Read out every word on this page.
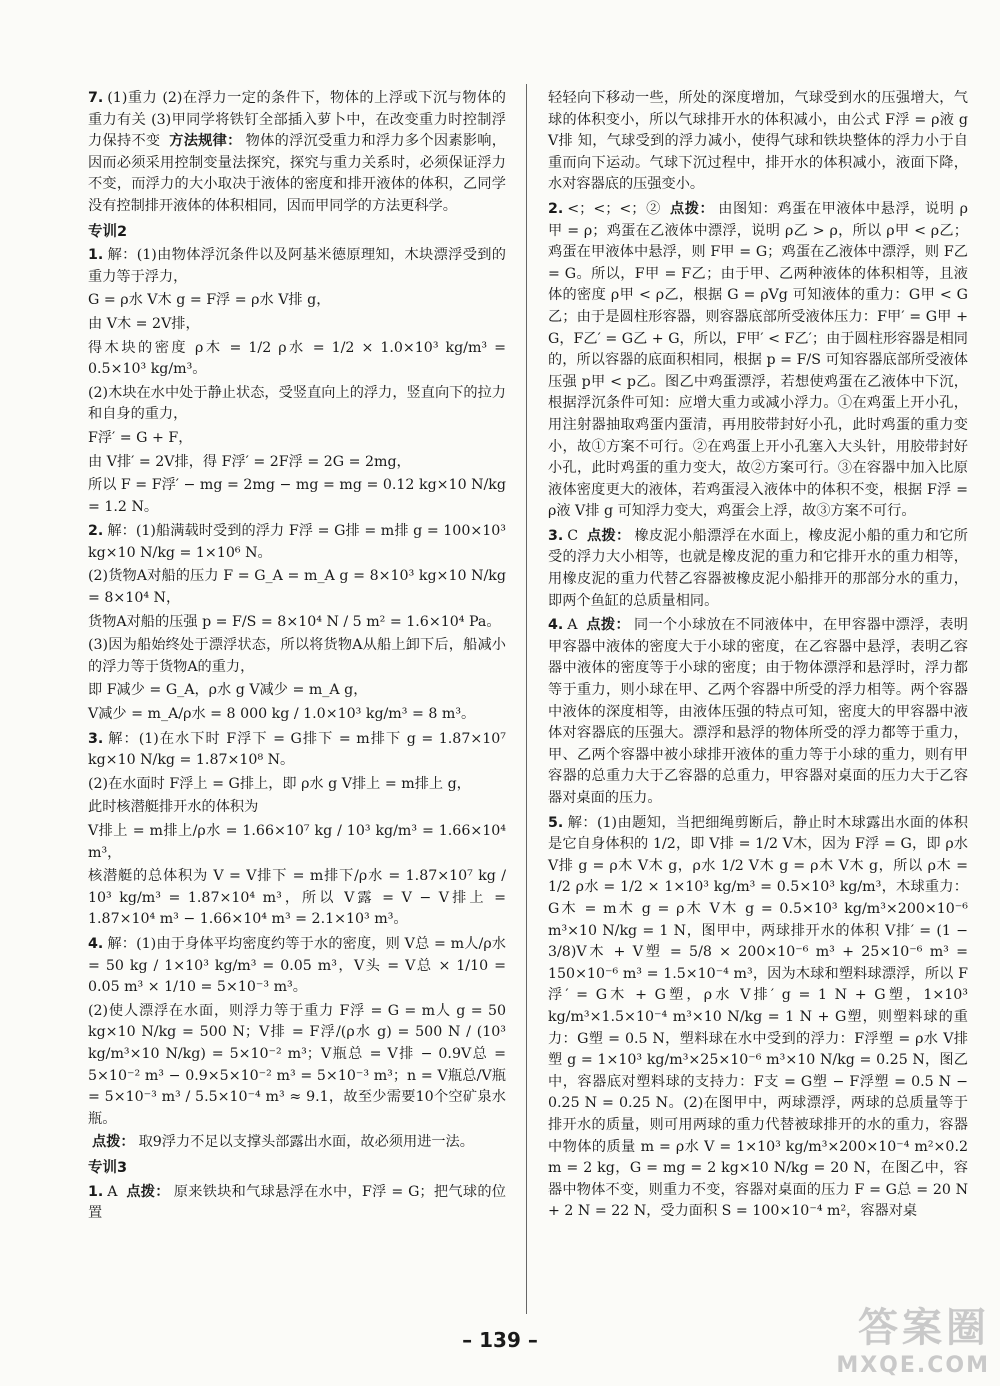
7. (1)重力 (2)在浮力一定的条件下，物体的上浮或下沉与物体的重力有关 (3)甲同学将铁钉全部插入萝卜中，在改变重力时控制浮力保持不变 方法规律： 物体的浮沉受重力和浮力多个因素影响，因而必须采用控制变量法探究，探究与重力关系时，必须保证浮力不变，而浮力的大小取决于液体的密度和排开液体的体积，乙同学没有控制排开液体的体积相同，因而甲同学的方法更科学。

专训2

1. 解：(1)由物体浮沉条件以及阿基米德原理知，木块漂浮受到的重力等于浮力，

G = ρ水 V木 g = F浮 = ρ水 V排 g，

由 V木 = 2V排，

得木块的密度 ρ木 = 1/2 ρ水 = 1/2 × 1.0×10³ kg/m³ = 0.5×10³ kg/m³。

(2)木块在水中处于静止状态，受竖直向上的浮力，竖直向下的拉力和自身的重力，

F浮′ = G + F，

由 V排′ = 2V排，得 F浮′ = 2F浮 = 2G = 2mg，

所以 F = F浮′ − mg = 2mg − mg = mg = 0.12 kg×10 N/kg = 1.2 N。

2. 解：(1)船满载时受到的浮力 F浮 = G排 = m排 g = 100×10³ kg×10 N/kg = 1×10⁶ N。

(2)货物A对船的压力 F = G_A = m_A g = 8×10³ kg×10 N/kg = 8×10⁴ N，

货物A对船的压强 p = F/S = 8×10⁴ N / 5 m² = 1.6×10⁴ Pa。

(3)因为船始终处于漂浮状态，所以将货物A从船上卸下后，船减小的浮力等于货物A的重力，

即 F减少 = G_A，ρ水 g V减少 = m_A g，

V减少 = m_A/ρ水 = 8 000 kg / 1.0×10³ kg/m³ = 8 m³。

3. 解：(1)在水下时 F浮下 = G排下 = m排下 g = 1.87×10⁷ kg×10 N/kg = 1.87×10⁸ N。

(2)在水面时 F浮上 = G排上，即 ρ水 g V排上 = m排上 g，

此时核潜艇排开水的体积为

V排上 = m排上/ρ水 = 1.66×10⁷ kg / 10³ kg/m³ = 1.66×10⁴ m³，

核潜艇的总体积为 V = V排下 = m排下/ρ水 = 1.87×10⁷ kg / 10³ kg/m³ = 1.87×10⁴ m³，所以 V露 = V − V排上 = 1.87×10⁴ m³ − 1.66×10⁴ m³ = 2.1×10³ m³。

4. 解：(1)由于身体平均密度约等于水的密度，则 V总 = m人/ρ水 = 50 kg / 1×10³ kg/m³ = 0.05 m³，V头 = V总 × 1/10 = 0.05 m³ × 1/10 = 5×10⁻³ m³。

(2)使人漂浮在水面，则浮力等于重力 F浮 = G = m人 g = 50 kg×10 N/kg = 500 N；V排 = F浮/(ρ水 g) = 500 N / (10³ kg/m³×10 N/kg) = 5×10⁻² m³；V瓶总 = V排 − 0.9V总 = 5×10⁻² m³ − 0.9×5×10⁻² m³ = 5×10⁻³ m³；n = V瓶总/V瓶 = 5×10⁻³ m³ / 5.5×10⁻⁴ m³ ≈ 9.1，故至少需要10个空矿泉水瓶。

点拨： 取9浮力不足以支撑头部露出水面，故必须用进一法。

专训3

1. A 点拨： 原来铁块和气球悬浮在水中，F浮 = G；把气球的位置

轻轻向下移动一些，所处的深度增加，气球受到水的压强增大，气球的体积变小，所以气球排开水的体积减小，由公式 F浮 = ρ液 g V排 知，气球受到的浮力减小，使得气球和铁块整体的浮力小于自重而向下运动。气球下沉过程中，排开水的体积减小，液面下降，水对容器底的压强变小。

2. <；<；<；② 点拨： 由图知：鸡蛋在甲液体中悬浮，说明 ρ甲 = ρ；鸡蛋在乙液体中漂浮，说明 ρ乙 > ρ，所以 ρ甲 < ρ乙；鸡蛋在甲液体中悬浮，则 F甲 = G；鸡蛋在乙液体中漂浮，则 F乙 = G。所以，F甲 = F乙；由于甲、乙两种液体的体积相等，且液体的密度 ρ甲 < ρ乙，根据 G = ρVg 可知液体的重力：G甲 < G乙；由于是圆柱形容器，则容器底部所受液体压力：F甲′ = G甲 + G，F乙′ = G乙 + G，所以，F甲′ < F乙′；由于圆柱形容器是相同的，所以容器的底面积相同，根据 p = F/S 可知容器底部所受液体压强 p甲 < p乙。图乙中鸡蛋漂浮，若想使鸡蛋在乙液体中下沉，根据浮沉条件可知：应增大重力或减小浮力。①在鸡蛋上开小孔，用注射器抽取鸡蛋内蛋清，再用胶带封好小孔，此时鸡蛋的重力变小，故①方案不可行。②在鸡蛋上开小孔塞入大头针，用胶带封好小孔，此时鸡蛋的重力变大，故②方案可行。③在容器中加入比原液体密度更大的液体，若鸡蛋浸入液体中的体积不变，根据 F浮 = ρ液 V排 g 可知浮力变大，鸡蛋会上浮，故③方案不可行。

3. C 点拨： 橡皮泥小船漂浮在水面上，橡皮泥小船的重力和它所受的浮力大小相等，也就是橡皮泥的重力和它排开水的重力相等，用橡皮泥的重力代替乙容器被橡皮泥小船排开的那部分水的重力，即两个鱼缸的总质量相同。

4. A 点拨： 同一个小球放在不同液体中，在甲容器中漂浮，表明甲容器中液体的密度大于小球的密度，在乙容器中悬浮，表明乙容器中液体的密度等于小球的密度；由于物体漂浮和悬浮时，浮力都等于重力，则小球在甲、乙两个容器中所受的浮力相等。两个容器中液体的深度相等，由液体压强的特点可知，密度大的甲容器中液体对容器底的压强大。漂浮和悬浮的物体所受的浮力都等于重力，甲、乙两个容器中被小球排开液体的重力等于小球的重力，则有甲容器的总重力大于乙容器的总重力，甲容器对桌面的压力大于乙容器对桌面的压力。

5. 解：(1)由题知，当把细绳剪断后，静止时木球露出水面的体积是它自身体积的 1/2，即 V排 = 1/2 V木，因为 F浮 = G，即 ρ水 V排 g = ρ木 V木 g，ρ水 1/2 V木 g = ρ木 V木 g，所以 ρ木 = 1/2 ρ水 = 1/2 × 1×10³ kg/m³ = 0.5×10³ kg/m³，木球重力：G木 = m木 g = ρ木 V木 g = 0.5×10³ kg/m³×200×10⁻⁶ m³×10 N/kg = 1 N，图甲中，两球排开水的体积 V排′ = (1 − 3/8)V木 + V塑 = 5/8 × 200×10⁻⁶ m³ + 25×10⁻⁶ m³ = 150×10⁻⁶ m³ = 1.5×10⁻⁴ m³，因为木球和塑料球漂浮，所以 F浮′ = G木 + G塑，ρ水 V排′ g = 1 N + G塑，1×10³ kg/m³×1.5×10⁻⁴ m³×10 N/kg = 1 N + G塑，则塑料球的重力：G塑 = 0.5 N，塑料球在水中受到的浮力：F浮塑 = ρ水 V排塑 g = 1×10³ kg/m³×25×10⁻⁶ m³×10 N/kg = 0.25 N，图乙中，容器底对塑料球的支持力：F支 = G塑 − F浮塑 = 0.5 N − 0.25 N = 0.25 N。(2)在图甲中，两球漂浮，两球的总质量等于排开水的质量，则可用两球的重力代替被球排开的水的重力，容器中物体的质量 m = ρ水 V = 1×10³ kg/m³×200×10⁻⁴ m²×0.2 m = 2 kg，G = mg = 2 kg×10 N/kg = 20 N，在图乙中，容器中物体不变，则重力不变，容器对桌面的压力 F = G总 = 20 N + 2 N = 22 N，受力面积 S = 100×10⁻⁴ m²，容器对桌

– 139 –	答案圈
MXQE.COM
